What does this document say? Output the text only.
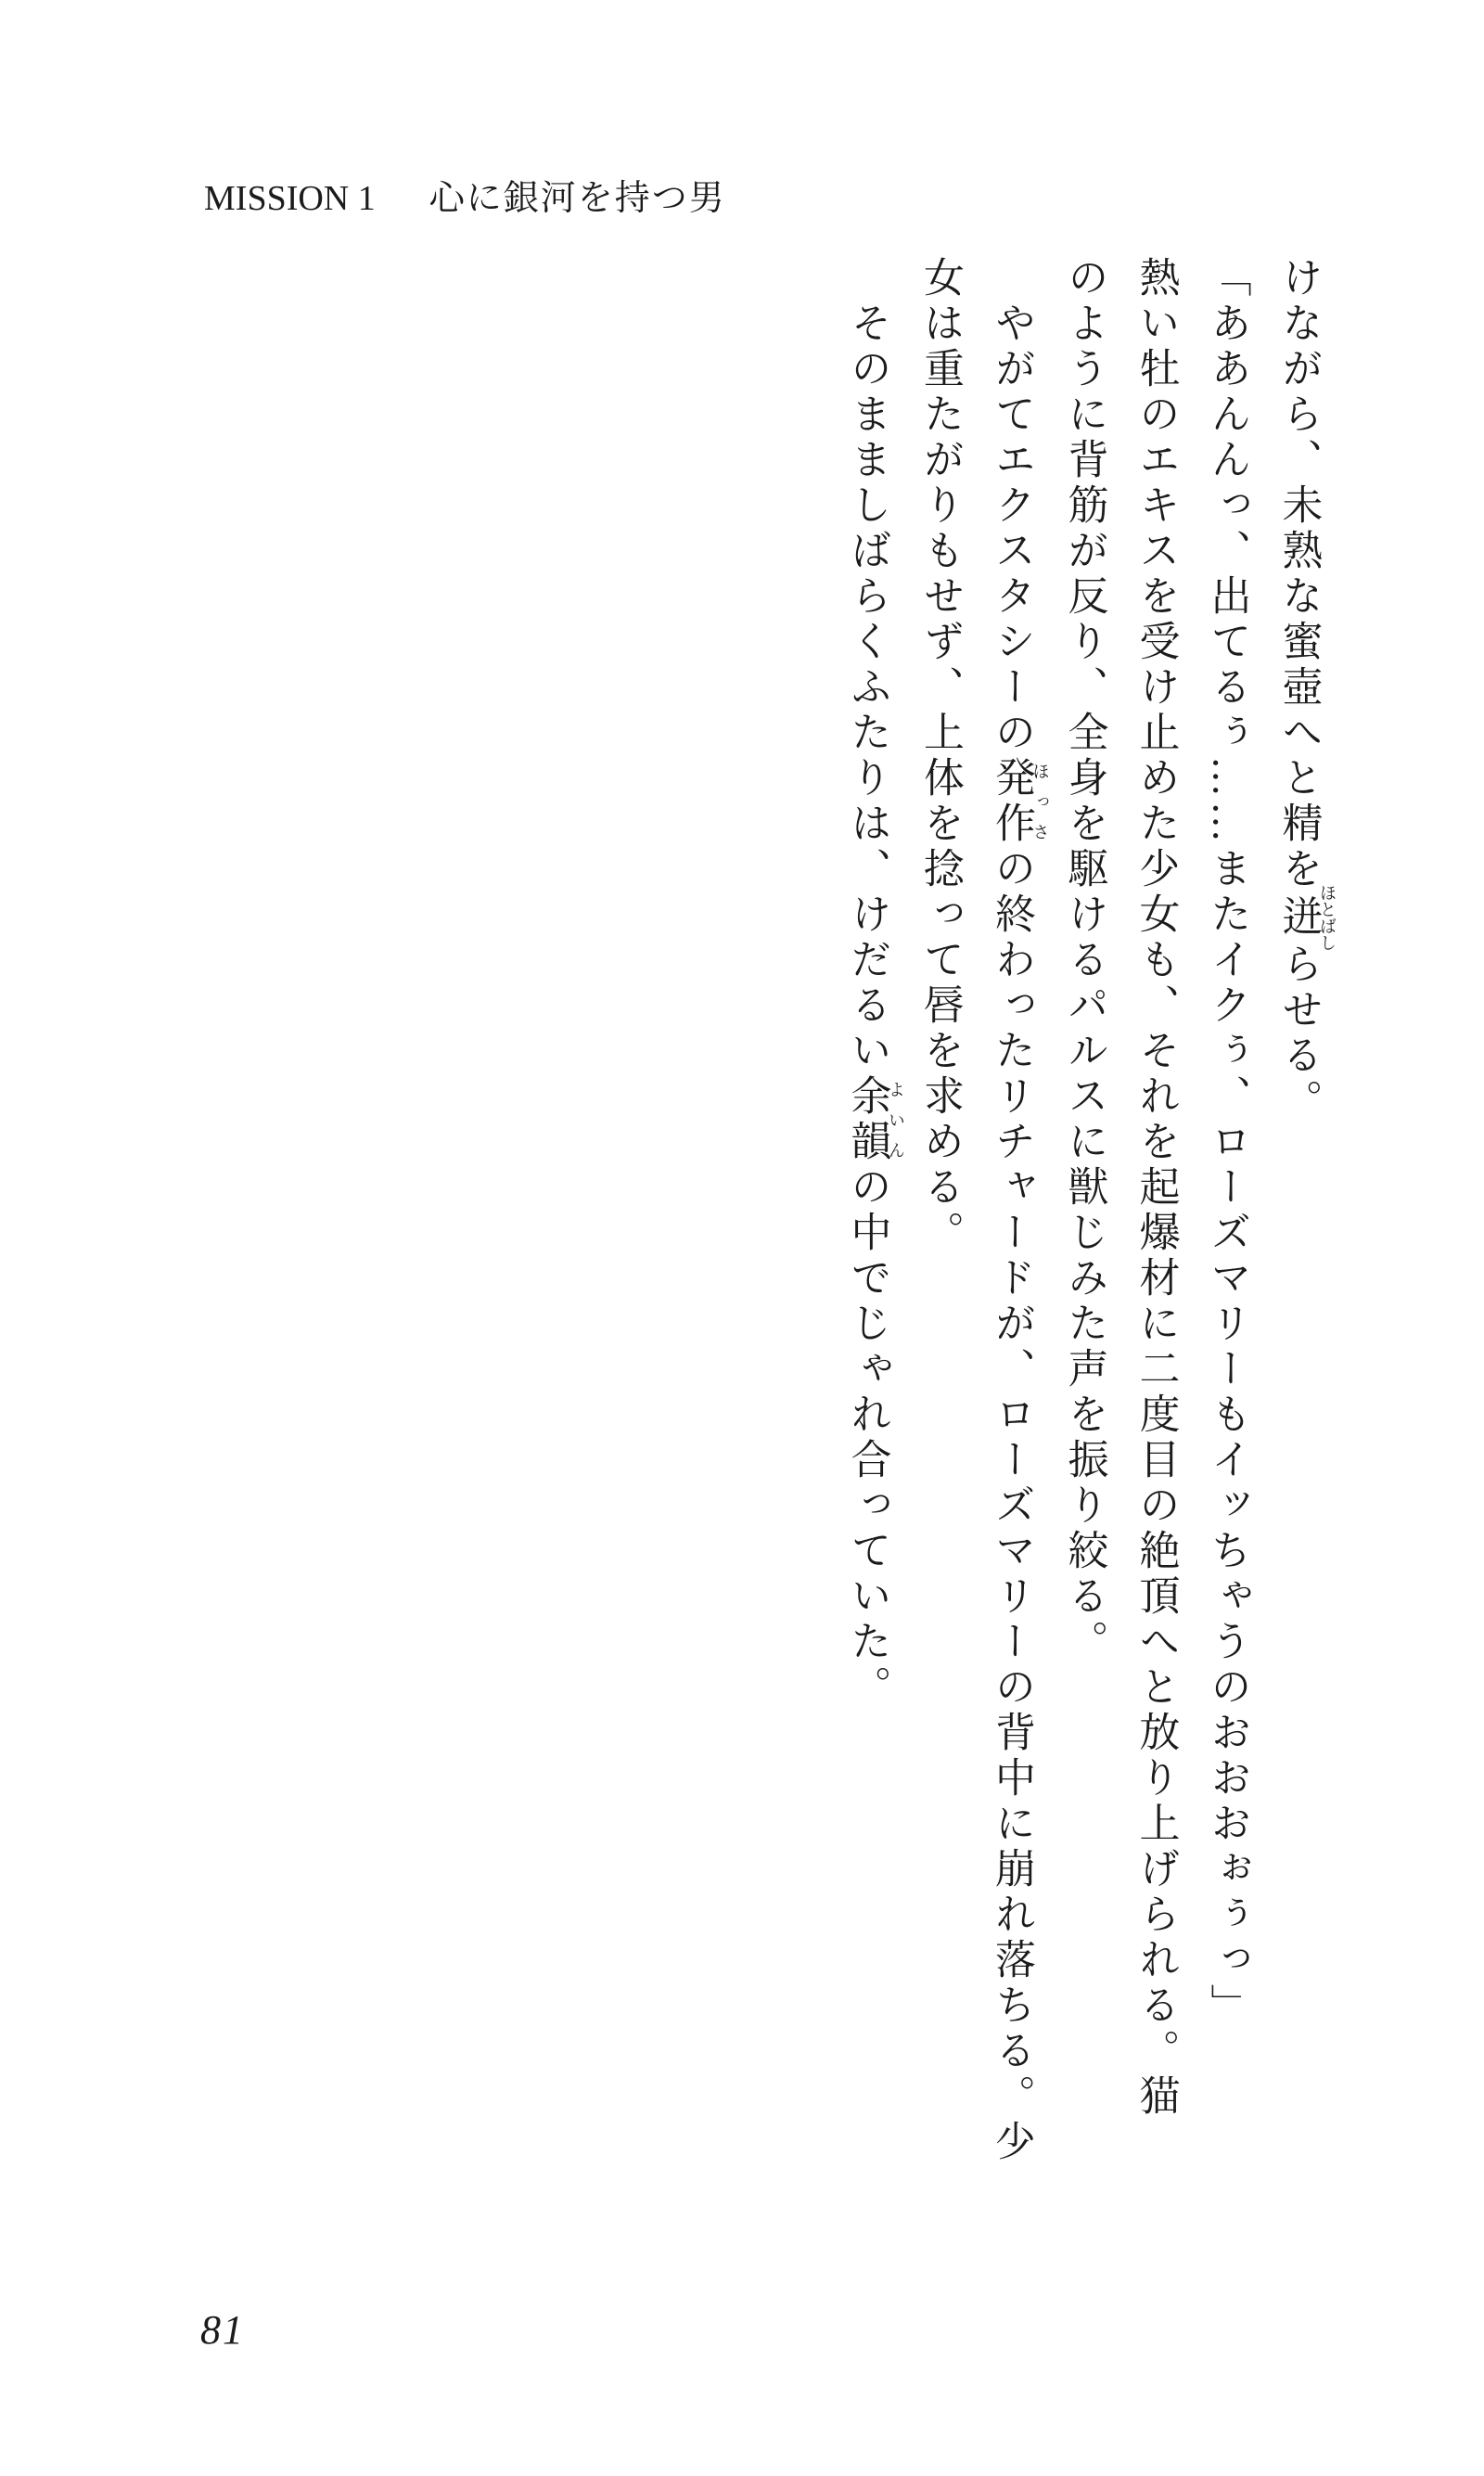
MISSION 1 心に銀河を持つ男
けながら、未熟な蜜壺へと精を迸ほとばしらせる。
「ああんんっ、出てるぅ……またイクぅ、ローズマリーもイッちゃうのおおおぉぅっ」
熱い牡のエキスを受け止めた少女も、それを起爆材に二度目の絶頂へと放り上げられる。猫
のように背筋が反り、全身を駆けるパルスに獣じみた声を振り絞る。
　やがてエクスタシーの発作ほっさの終わったリチャードが、ローズマリーの背中に崩れ落ちる。少
女は重たがりもせず、上体を捻って唇を求める。
　そのまましばらくふたりは、けだるい余韻よいんの中でじゃれ合っていた。
81
